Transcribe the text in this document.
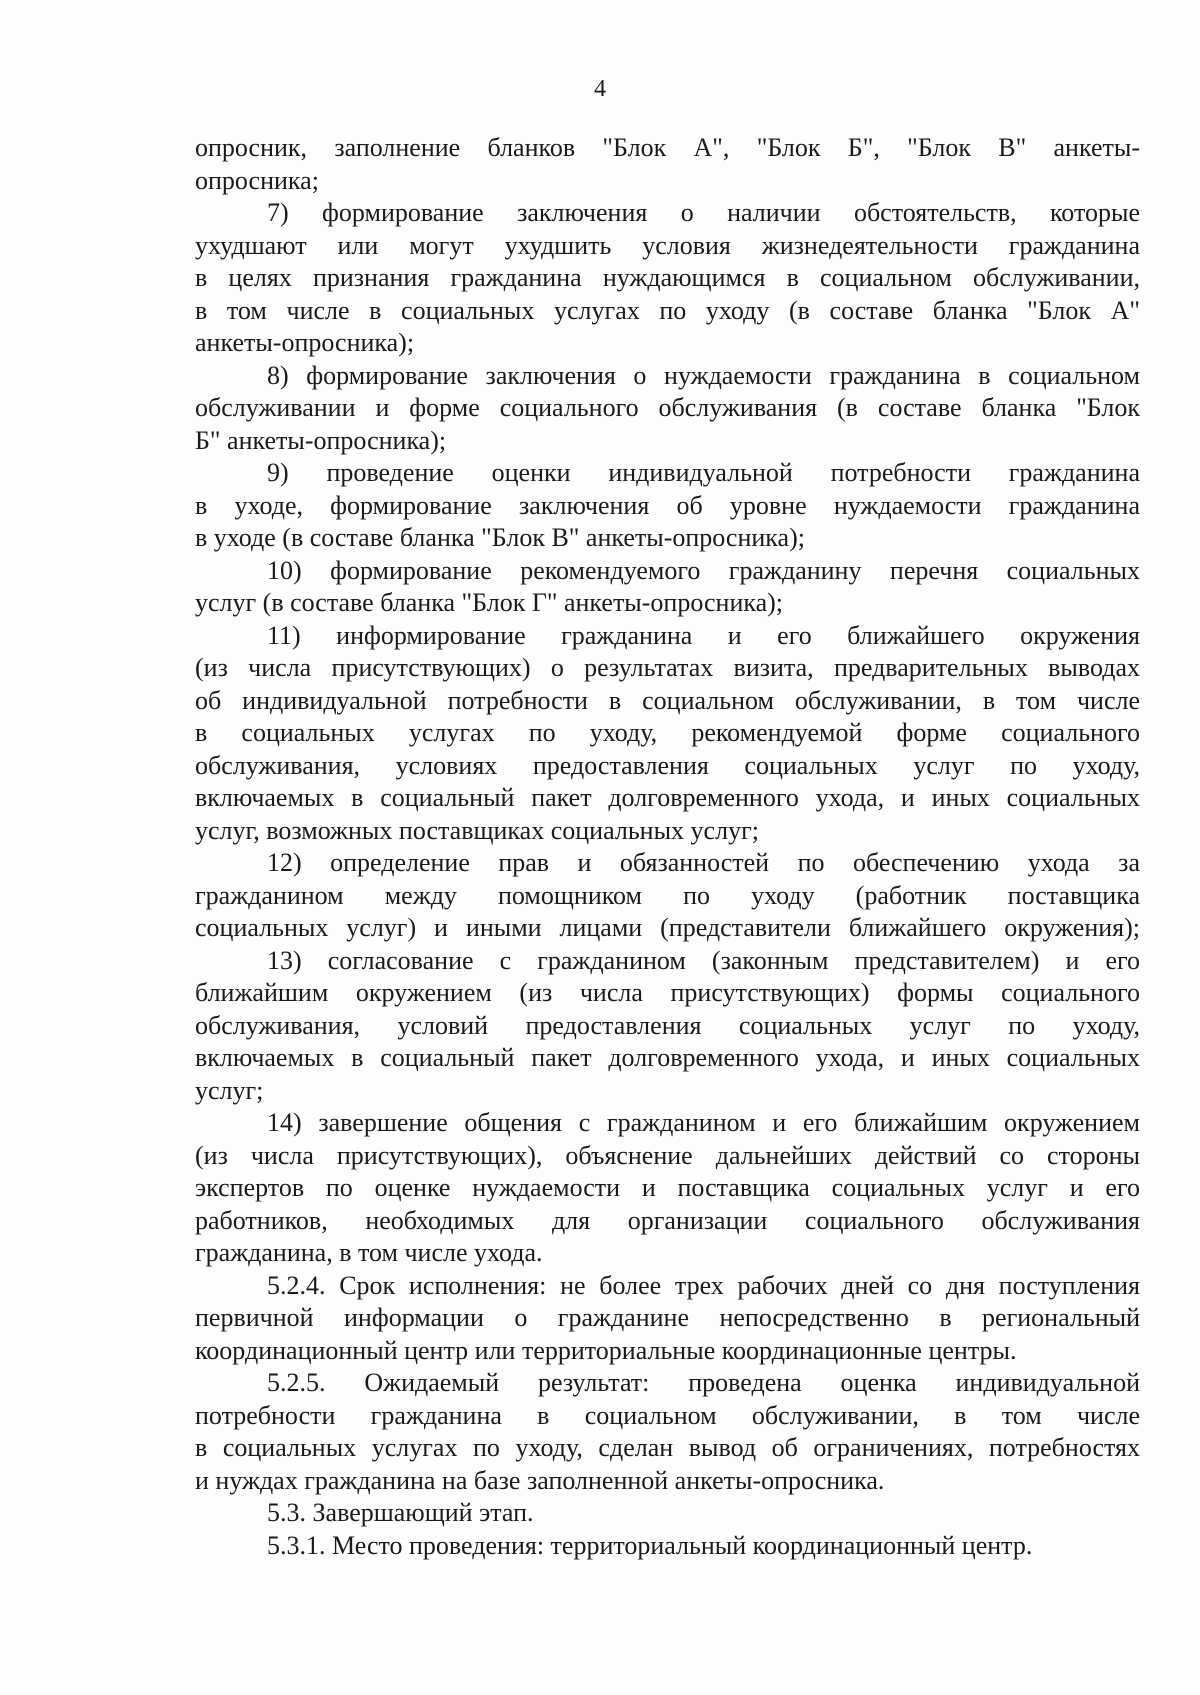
4
опросник, заполнение бланков "Блок А", "Блок Б", "Блок В" анкеты-
опросника;
7) формирование заключения о наличии обстоятельств, которые
ухудшают или могут ухудшить условия жизнедеятельности гражданина
в целях признания гражданина нуждающимся в социальном обслуживании,
в том числе в социальных услугах по уходу (в составе бланка "Блок А"
анкеты-опросника);
8) формирование заключения о нуждаемости гражданина в социальном
обслуживании и форме социального обслуживания (в составе бланка "Блок
Б" анкеты-опросника);
9) проведение оценки индивидуальной потребности гражданина
в уходе, формирование заключения об уровне нуждаемости гражданина
в уходе (в составе бланка "Блок В" анкеты-опросника);
10) формирование рекомендуемого гражданину перечня социальных
услуг (в составе бланка "Блок Г" анкеты-опросника);
11) информирование гражданина и его ближайшего окружения
(из числа присутствующих) о результатах визита, предварительных выводах
об индивидуальной потребности в социальном обслуживании, в том числе
в социальных услугах по уходу, рекомендуемой форме социального
обслуживания, условиях предоставления социальных услуг по уходу,
включаемых в социальный пакет долговременного ухода, и иных социальных
услуг, возможных поставщиках социальных услуг;
12) определение прав и обязанностей по обеспечению ухода за
гражданином между помощником по уходу (работник поставщика
социальных услуг) и иными лицами (представители ближайшего окружения);
13) согласование с гражданином (законным представителем) и его
ближайшим окружением (из числа присутствующих) формы социального
обслуживания, условий предоставления социальных услуг по уходу,
включаемых в социальный пакет долговременного ухода, и иных социальных
услуг;
14) завершение общения с гражданином и его ближайшим окружением
(из числа присутствующих), объяснение дальнейших действий со стороны
экспертов по оценке нуждаемости и поставщика социальных услуг и его
работников, необходимых для организации социального обслуживания
гражданина, в том числе ухода.
5.2.4. Срок исполнения: не более трех рабочих дней со дня поступления
первичной информации о гражданине непосредственно в региональный
координационный центр или территориальные координационные центры.
5.2.5. Ожидаемый результат: проведена оценка индивидуальной
потребности гражданина в социальном обслуживании, в том числе
в социальных услугах по уходу, сделан вывод об ограничениях, потребностях
и нуждах гражданина на базе заполненной анкеты-опросника.
5.3. Завершающий этап.
5.3.1. Место проведения: территориальный координационный центр.
